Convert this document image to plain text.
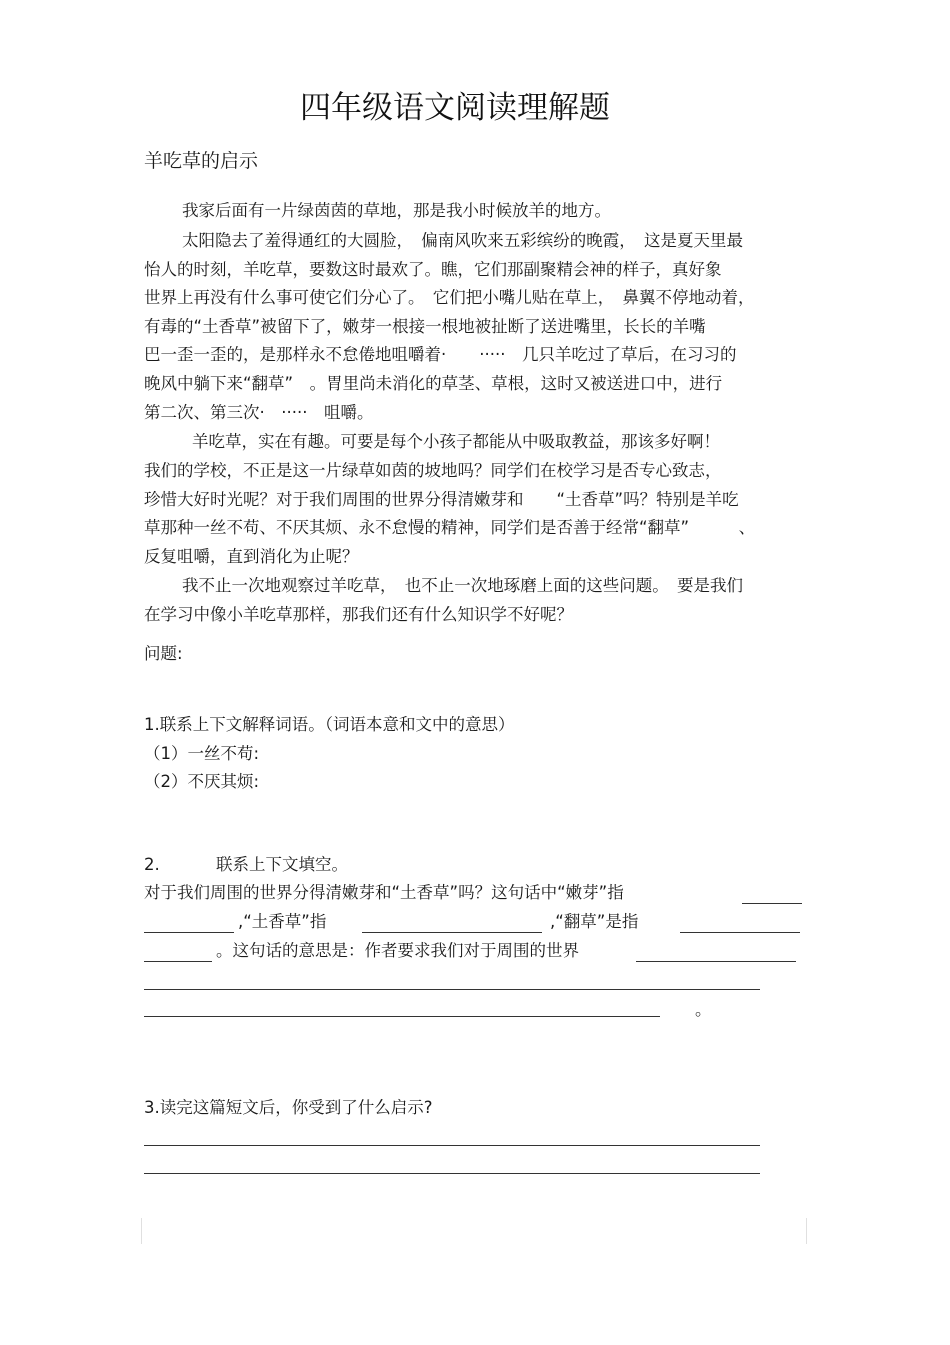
四年级语文阅读理解题
羊吃草的启示
我家后面有一片绿茵茵的草地，那是我小时候放羊的地方。
太阳隐去了羞得通红的大圆脸，　偏南风吹来五彩缤纷的晚霞，　这是夏天里最
怡人的时刻，羊吃草，要数这时最欢了。瞧，它们那副聚精会神的样子，真好象
世界上再没有什么事可使它们分心了。　它们把小嘴儿贴在草上，　鼻翼不停地动着，
有毒的“土香草”被留下了，嫩芽一根接一根地被扯断了送进嘴里，长长的羊嘴
巴一歪一歪的，是那样永不怠倦地咀嚼着·　　·····　几只羊吃过了草后，在习习的
晚风中躺下来“翻草”　。胃里尚未消化的草茎、草根，这时又被送进口中，进行
第二次、第三次·　·····　咀嚼。
羊吃草，实在有趣。可要是每个小孩子都能从中吸取教益，那该多好啊！
我们的学校，不正是这一片绿草如茵的坡地吗？同学们在校学习是否专心致志，
珍惜大好时光呢？对于我们周围的世界分得清嫩芽和　　“土香草”吗？特别是羊吃
草那种一丝不苟、不厌其烦、永不怠慢的精神，同学们是否善于经常“翻草”　　　、
反复咀嚼，直到消化为止呢？
我不止一次地观察过羊吃草，　也不止一次地琢磨上面的这些问题。　要是我们
在学习中像小羊吃草那样，那我们还有什么知识学不好呢？
问题:
1.联系上下文解释词语。（词语本意和文中的意思）
（1）一丝不苟:
（2）不厌其烦:
2.	联系上下文填空。
对于我们周围的世界分得清嫩芽和“土香草”吗？这句话中“嫩芽”指
,“土香草”指	,“翻草”是指
。这句话的意思是：作者要求我们对于周围的世界
。
3.读完这篇短文后，你受到了什么启示?
